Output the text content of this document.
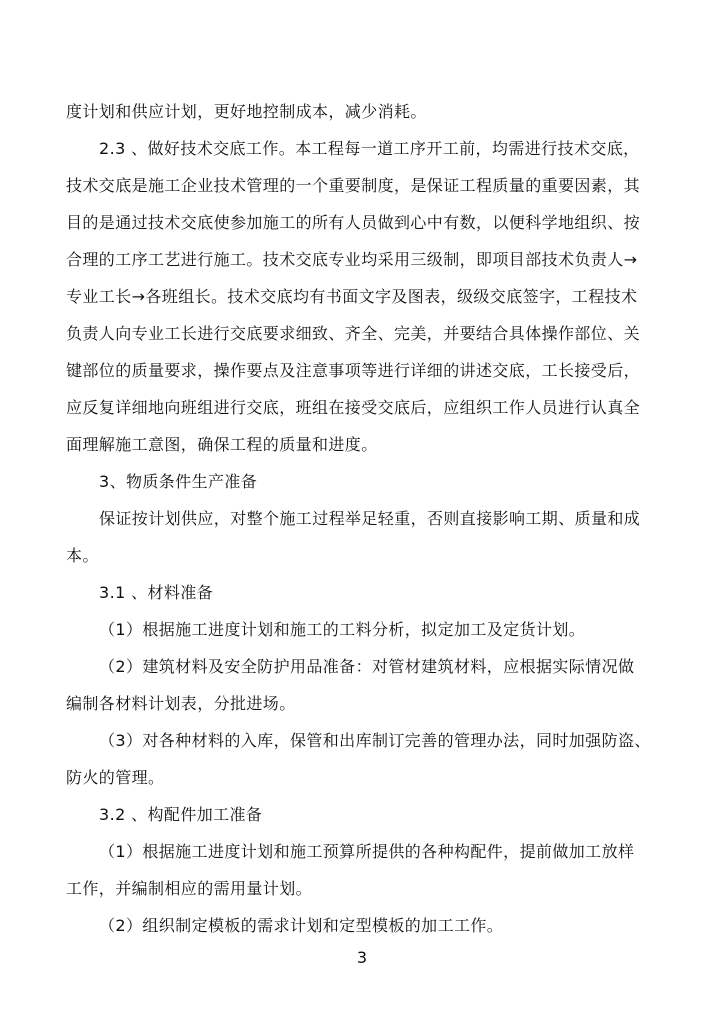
度计划和供应计划，更好地控制成本，减少消耗。
2.3 、做好技术交底工作。本工程每一道工序开工前，均需进行技术交底，
技术交底是施工企业技术管理的一个重要制度，是保证工程质量的重要因素，其
目的是通过技术交底使参加施工的所有人员做到心中有数，以便科学地组织、按
合理的工序工艺进行施工。技术交底专业均采用三级制，即项目部技术负责人→
专业工长→各班组长。技术交底均有书面文字及图表，级级交底签字，工程技术
负责人向专业工长进行交底要求细致、齐全、完美，并要结合具体操作部位、关
键部位的质量要求，操作要点及注意事项等进行详细的讲述交底，工长接受后，
应反复详细地向班组进行交底，班组在接受交底后，应组织工作人员进行认真全
面理解施工意图，确保工程的质量和进度。
3、物质条件生产准备
保证按计划供应，对整个施工过程举足轻重，否则直接影响工期、质量和成
本。
3.1 、材料准备
（1）根据施工进度计划和施工的工料分析，拟定加工及定货计划。
（2）建筑材料及安全防护用品准备：对管材建筑材料，应根据实际情况做
编制各材料计划表，分批进场。
（3）对各种材料的入库，保管和出库制订完善的管理办法，同时加强防盗、
防火的管理。
3.2 、构配件加工准备
（1）根据施工进度计划和施工预算所提供的各种构配件，提前做加工放样
工作，并编制相应的需用量计划。
（2）组织制定模板的需求计划和定型模板的加工工作。
3
